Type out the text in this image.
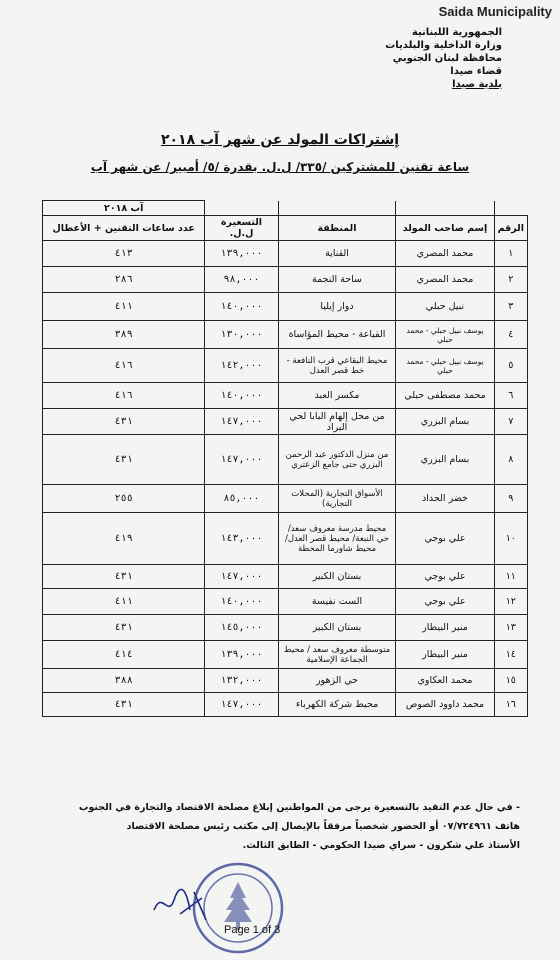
Saida Municipality
الجمهورية اللبنانية
وزارة الداخلية والبلديات
محافظة لبنان الجنوبي
قضاء صيدا
بلدية صيدا
إشتراكات المولد عن شهر آب ٢٠١٨
ساعة تقنين للمشتركين /٣٣٥/ ل.ل. بقدرة /٥/ أمبير/ عن شهر آب
				آب ٢٠١٨
الرقم	إسم صاحب المولد	المنطقة	التسعيرة ل.ل.	عدد ساعات التقنين + الأعطال
١	محمد المصري	القناية	١٣٩,٠٠٠	٤١٣
٢	محمد المصري	ساحة النجمة	٩٨,٠٠٠	٢٨٦
٣	نبيل حبلي	دوار إيليا	١٤٠,٠٠٠	٤١١
٤	يوسف نبيل حبلي - محمد حبلي	القياعة - محيط المؤاساة	١٣٠,٠٠٠	٣٨٩
٥	يوسف نبيل حبلي - محمد حبلي	محيط البقاعي قرب النافعة - خط قصر العدل	١٤٢,٠٠٠	٤١٦
٦	محمد مصطفى حبلي	مكسر العبد	١٤٠,٠٠٠	٤١٦
٧	بسام البزري	من محل إلهام البابا لحي البراد	١٤٧,٠٠٠	٤٣١
٨	بسام البزري	من منزل الدكتور عبد الرحمن البزري حتى جامع الزعتري	١٤٧,٠٠٠	٤٣١
٩	خضر الحداد	الأسواق التجارية (المحلات التجارية)	٨٥,٠٠٠	٢٥٥
١٠	علي بوجي	محيط مدرسة معروف سعد/ حي النبعة/ محيط قصر العدل/محيط شاورما المحطة	١٤٣,٠٠٠	٤١٩
١١	علي بوجي	بستان الكبير	١٤٧,٠٠٠	٤٣١
١٢	علي بوجي	الست نفيسة	١٤٠,٠٠٠	٤١١
١٣	منير البيطار	بستان الكبير	١٤٥,٠٠٠	٤٣١
١٤	منير البيطار	متوسطة معروف سعد / محيط الجماعة الإسلامية	١٣٩,٠٠٠	٤١٤
١٥	محمد العكاوي	حي الزهور	١٣٢,٠٠٠	٣٨٨
١٦	محمد داوود الصوص	محيط شركة الكهرباء	١٤٧,٠٠٠	٤٣١
- في حال عدم التقيد بالتسعيرة يرجى من المواطنين إبلاغ مصلحة الاقتصاد والتجارة في الجنوب
هاتف ٠٧/٧٢٤٩٦١ أو الحضور شخصياً مرفقاً بالإيصال إلى مكتب رئيس مصلحة الاقتصاد
الأستاذ علي شكرون - سراي صيدا الحكومي - الطابق الثالث.
Page 1 of 3
